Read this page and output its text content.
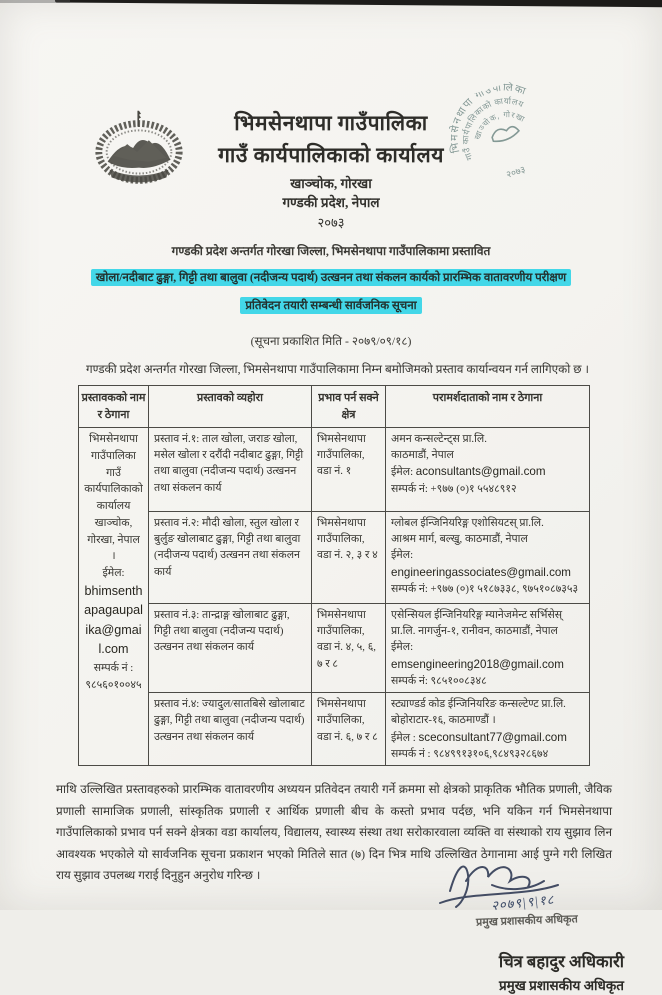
भिमसेनथापा गाउँपालिका
गाउँ कार्यपालिकाको कार्यालय
खाञ्चोक, गोरखा
२०७३
भिमसेनथापा गाउँपालिका
गाउँ कार्यपालिकाको कार्यालय
खाञ्चोक, गोरखा
गण्डकी प्रदेश, नेपाल
२०७३
गण्डकी प्रदेश अन्तर्गत गोरखा जिल्ला, भिमसेनथापा गाउँपालिकामा प्रस्तावित
खोला/नदीबाट ढुङ्गा, गिट्टी तथा बालुवा (नदीजन्य पदार्थ) उत्खनन तथा संकलन कार्यको प्रारम्भिक वातावरणीय परीक्षण
प्रतिवेदन तयारी सम्बन्धी सार्वजनिक सूचना
(सूचना प्रकाशित मिति - २०७९/०९/१८)
गण्डकी प्रदेश अन्तर्गत गोरखा जिल्ला, भिमसेनथापा गाउँपालिकामा निम्न बमोजिमको प्रस्ताव कार्यान्वयन गर्न लागिएको छ ।
प्रस्तावकको नाम र ठेगाना	प्रस्तावको व्यहोरा	प्रभाव पर्न सक्ने क्षेत्र	परामर्शदाताको नाम र ठेगाना
भिमसेनथापा गाउँपालिका गाउँ कार्यपालिकाको कार्यालय
खाञ्चोक, गोरखा, नेपाल ।
ईमेल:
bhimsenthapagaupalika@gmail.com
सम्पर्क नं :
९८५६०१००४५	प्रस्ताव नं.१: ताल खोला, जराङ खोला, मसेल खोला र दरौंदी नदीबाट ढुङ्गा, गिट्टी तथा बालुवा (नदीजन्य पदार्थ) उत्खनन तथा संकलन कार्य	भिमसेनथापा गाउँपालिका, वडा नं. १	अमन कन्सल्टेन्ट्स प्रा.लि.
काठमाडौं, नेपाल
ईमेल: aconsultants@gmail.com
सम्पर्क नं: +९७७ (०)१ ५५४८९१२
	प्रस्ताव नं.२: मौदी खोला, स्तुल खोला र बुर्लुङ खोलाबाट ढुङ्गा, गिट्टी तथा बालुवा (नदीजन्य पदार्थ) उत्खनन तथा संकलन कार्य	भिमसेनथापा गाउँपालिका, वडा नं. २, ३ र ४	ग्लोबल ईन्जिनियरिङ्ग एशोसियटस् प्रा.लि.
आश्रम मार्ग, बल्खु, काठमाडौं, नेपाल
ईमेल:
engineeringassociates@gmail.com
सम्पर्क नं: +९७७ (०)१ ५१८७३३८, ९७५१०८७३५३
	प्रस्ताव नं.३: तान्द्राङ्ग खोलाबाट ढुङ्गा, गिट्टी तथा बालुवा (नदीजन्य पदार्थ) उत्खनन तथा संकलन कार्य	भिमसेनथापा गाउँपालिका, वडा नं. ४, ५, ६, ७ र ८	एसेन्सियल ईन्जिनियरिङ्ग म्यानेजमेन्ट सर्भिसेस् प्रा.लि. नागर्जुन-१, रानीवन, काठमाडौं, नेपाल
ईमेल:
emsengineering2018@gmail.com
सम्पर्क नं: ९८५१००८३४८
	प्रस्ताव नं.४: ज्यादुल/सातबिसे खोलाबाट ढुङ्गा, गिट्टी तथा बालुवा (नदीजन्य पदार्थ) उत्खनन तथा संकलन कार्य	भिमसेनथापा गाउँपालिका, वडा नं. ६, ७ र ८	स्ट्याण्डर्ड कोड ईन्जिनियरिङ कन्सल्टेण्ट प्रा.लि.
बोहोराटार-१६, काठमाण्डौं ।
ईमेल : sceconsultant77@gmail.com
सम्पर्क नं : ९८४९९१३१०६,९८४९३२८६७४
माथि उल्लिखित प्रस्तावहरुको प्रारम्भिक वातावरणीय अध्ययन प्रतिवेदन तयारी गर्ने क्रममा सो क्षेत्रको प्राकृतिक भौतिक प्रणाली, जैविक प्रणाली सामाजिक प्रणाली, सांस्कृतिक प्रणाली र आर्थिक प्रणाली बीच के कस्तो प्रभाव पर्दछ, भनि यकिन गर्न भिमसेनथापा गाउँपालिकाको प्रभाव पर्न सक्ने क्षेत्रका वडा कार्यालय, विद्यालय, स्वास्थ्य संस्था तथा सरोकारवाला व्यक्ति वा संस्थाको राय सुझाव लिन आवश्यक भएकोले यो सार्वजनिक सूचना प्रकाशन भएको मितिले सात (७) दिन भित्र माथि उल्लिखित ठेगानामा आई पुग्ने गरी लिखित राय सुझाव उपलब्ध गराई दिनुहुन अनुरोध गरिन्छ ।
२०७९|९|१८
प्रमुख प्रशासकीय अधिकृत
चित्र बहादुर अधिकारी
प्रमुख प्रशासकीय अधिकृत
